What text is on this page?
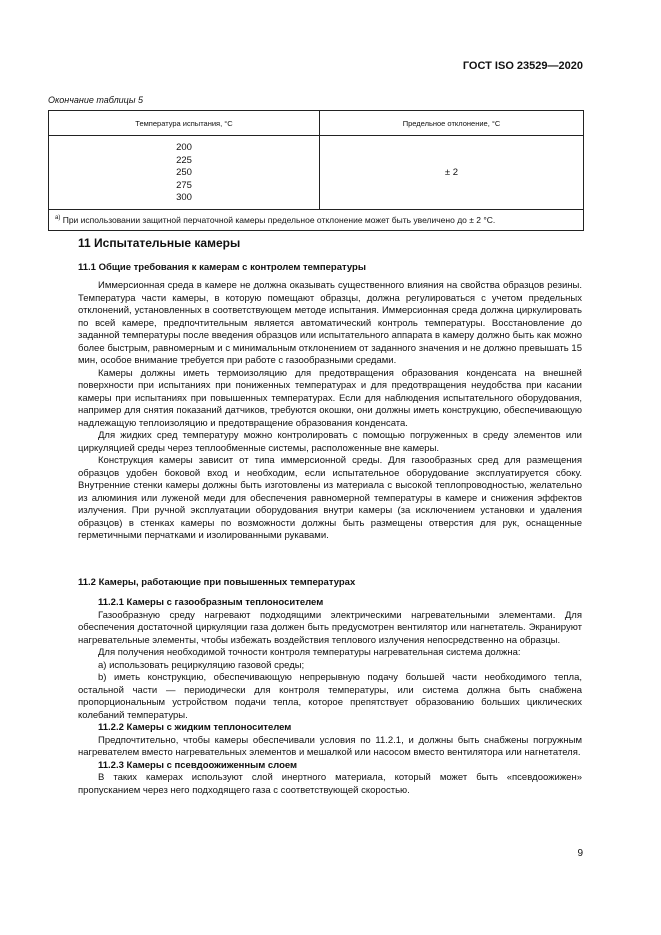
ГОСТ ISO 23529—2020
Окончание таблицы 5
Температура испытания, °С	Предельное отклонение, °С

200
225
250
275
300	± 2
$^{a)}$ При использовании защитной перчаточной камеры предельное отклонение может быть увеличено до ± 2 °С.	
11 Испытательные камеры
11.1 Общие требования к камерам с контролем температуры

Иммерсионная среда в камере не должна оказывать существенного влияния на свойства образцов резины. Температура части камеры, в которую помещают образцы, должна регулироваться с учетом предельных отклонений, установленных в соответствующем методе испытания. Иммерсионная среда должна циркулировать по всей камере, предпочтительным является автоматический контроль температуры. Восстановление до заданной температуры после введения образцов или испытательного аппарата в камеру должно быть как можно более быстрым, равномерным и с минимальным отклонением от заданного значения и не должно превышать 15 мин, особое внимание требуется при работе с газообразными средами.

Камеры должны иметь термоизоляцию для предотвращения образования конденсата на внешней поверхности при испытаниях при пониженных температурах и для предотвращения неудобства при касании камеры при испытаниях при повышенных температурах. Если для наблюдения испытательного оборудования, например для снятия показаний датчиков, требуются окошки, они должны иметь конструкцию, обеспечивающую надлежащую теплоизоляцию и предотвращение образования конденсата.

Для жидких сред температуру можно контролировать с помощью погруженных в среду элементов или циркуляцией среды через теплообменные системы, расположенные вне камеры.

Конструкция камеры зависит от типа иммерсионной среды. Для газообразных сред для размещения образцов удобен боковой вход и необходим, если испытательное оборудование эксплуатируется сбоку. Внутренние стенки камеры должны быть изготовлены из материала с высокой теплопроводностью, желательно из алюминия или луженой меди для обеспечения равномерной температуры в камере и снижения эффектов излучения. При ручной эксплуатации оборудования внутри камеры (за исключением установки и удаления образцов) в стенках камеры по возможности должны быть размещены отверстия для рук, оснащенные герметичными перчатками и изолированными рукавами.

11.2 Камеры, работающие при повышенных температурах
11.2.1 Камеры с газообразным теплоносителем

Газообразную среду нагревают подходящими электрическими нагревательными элементами. Для обеспечения достаточной циркуляции газа должен быть предусмотрен вентилятор или нагнетатель. Экранируют нагревательные элементы, чтобы избежать воздействия теплового излучения непосредственно на образцы.

Для получения необходимой точности контроля температуры нагревательная система должна:

а) использовать рециркуляцию газовой среды;

b) иметь конструкцию, обеспечивающую непрерывную подачу большей части необходимого тепла, остальной части — периодически для контроля температуры, или система должна быть снабжена пропорциональным устройством подачи тепла, которое препятствует образованию больших циклических колебаний температуры.

11.2.2 Камеры с жидким теплоносителем

Предпочтительно, чтобы камеры обеспечивали условия по 11.2.1, и должны быть снабжены погружным нагревателем вместо нагревательных элементов и мешалкой или насосом вместо вентилятора или нагнетателя.

11.2.3 Камеры с псевдоожиженным слоем

В таких камерах используют слой инертного материала, который может быть «псевдоожижен» пропусканием через него подходящего газа с соответствующей скоростью.

9
